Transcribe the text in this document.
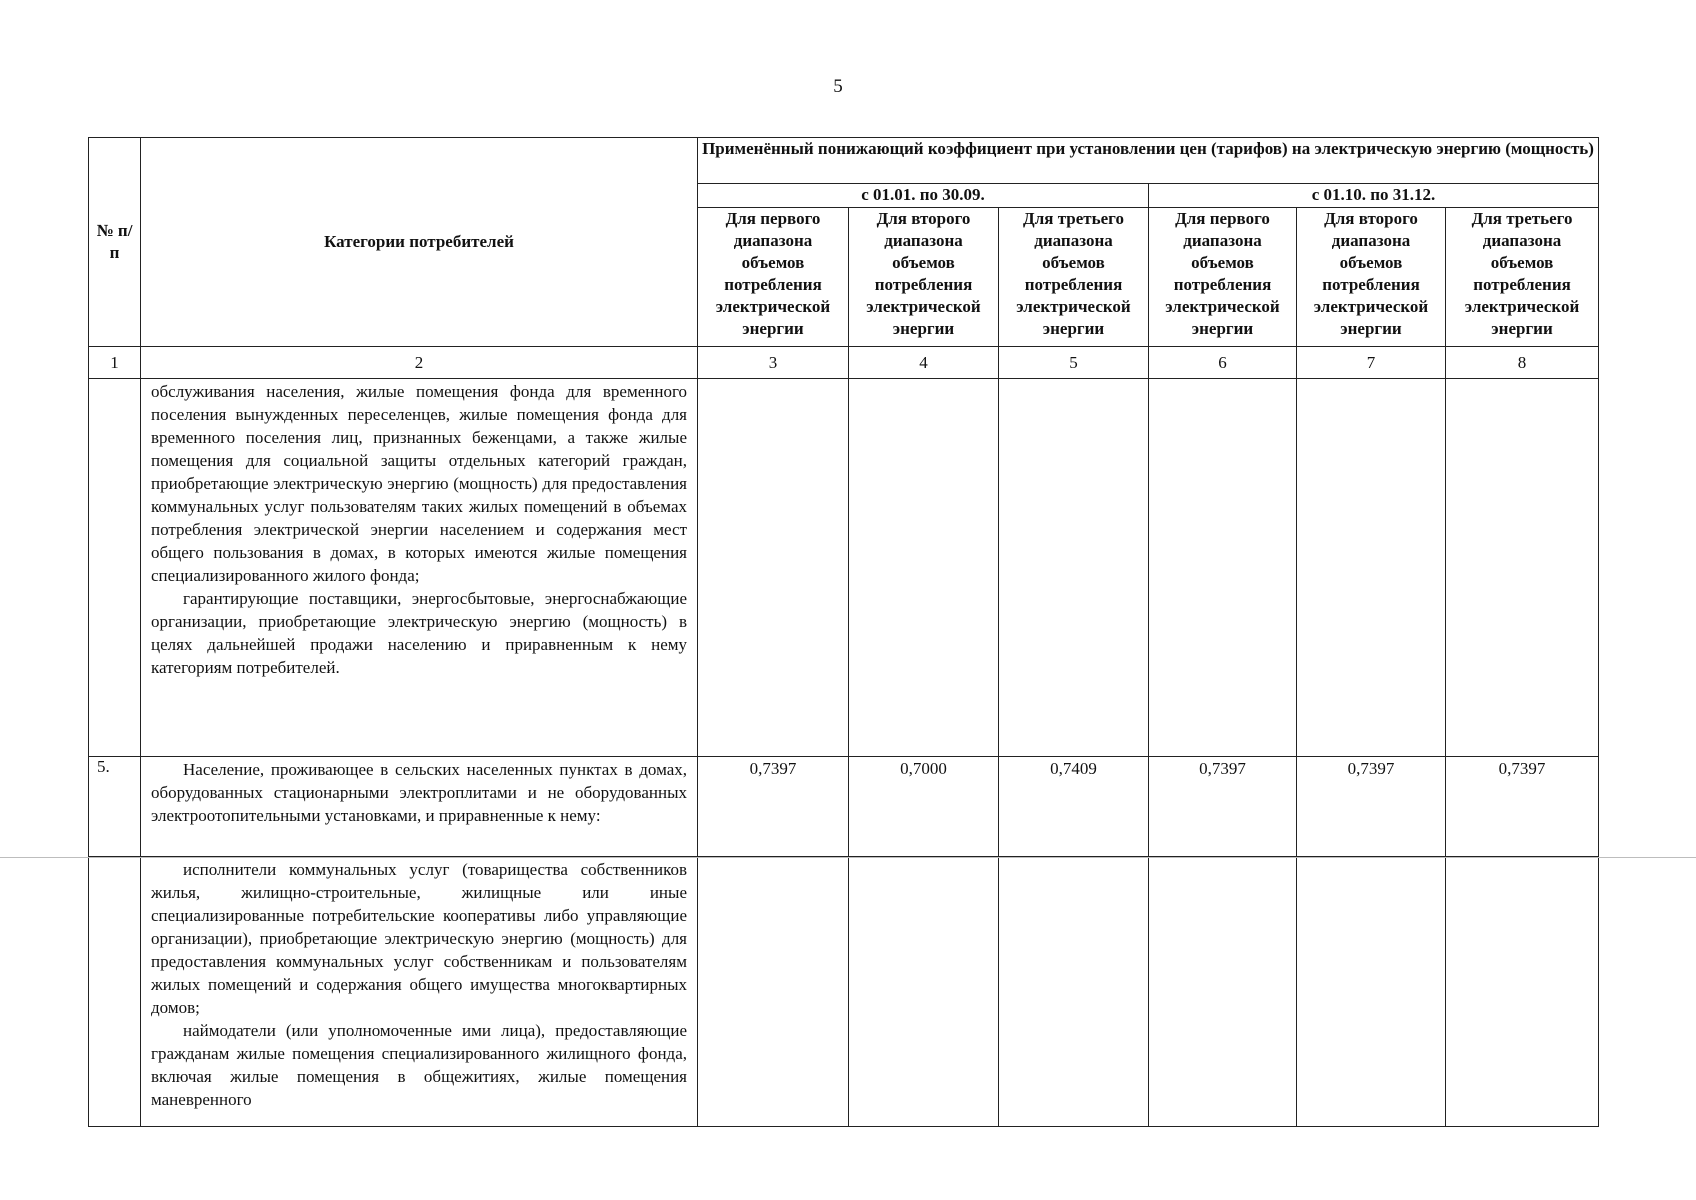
5
№ п/п	Категории потребителей	Применённый понижающий коэффициент при установлении цен (тарифов) на электрическую энергию (мощность)					
		с 01.01. по 30.09.			с 01.10. по 31.12.		
		Для первого диапазона объемов потребления электрической энергии	Для второго диапазона объемов потребления электрической энергии	Для третьего диапазона объемов потребления электрической энергии	Для первого диапазона объемов потребления электрической энергии	Для второго диапазона объемов потребления электрической энергии	Для третьего диапазона объемов потребления электрической энергии
1	2	3	4	5	6	7	8

	обслуживания населения, жилые помещения фонда для временного поселения вынужденных переселенцев, жилые помещения фонда для временного поселения лиц, признанных беженцами, а также жилые помещения для социальной защиты отдельных категорий граждан, приобретающие электрическую энергию (мощность) для предоставления коммунальных услуг пользователям таких жилых помещений в объемах потребления электрической энергии населением и содержания мест общего пользования в домах, в которых имеются жилые помещения специализированного жилого фонда;

гарантирующие поставщики, энергосбытовые, энергоснабжающие организации, приобретающие электрическую энергию (мощность) в целях дальнейшей продажи населению и приравненным к нему категориям потребителей.						

5.	Население, проживающее в сельских населенных пунктах в домах, оборудованных стационарными электроплитами и не оборудованных электроотопительными установками, и приравненные к нему:	0,7397	0,7000	0,7409	0,7397	0,7397	0,7397

	исполнители коммунальных услуг (товарищества собственников жилья, жилищно-строительные, жилищные или иные специализированные потребительские кооперативы либо управляющие организации), приобретающие электрическую энергию (мощность) для предоставления коммунальных услуг собственникам и пользователям жилых помещений и содержания общего имущества многоквартирных домов;

наймодатели (или уполномоченные ими лица), предоставляющие гражданам жилые помещения специализированного жилищного фонда, включая жилые помещения в общежитиях, жилые помещения маневренного						
